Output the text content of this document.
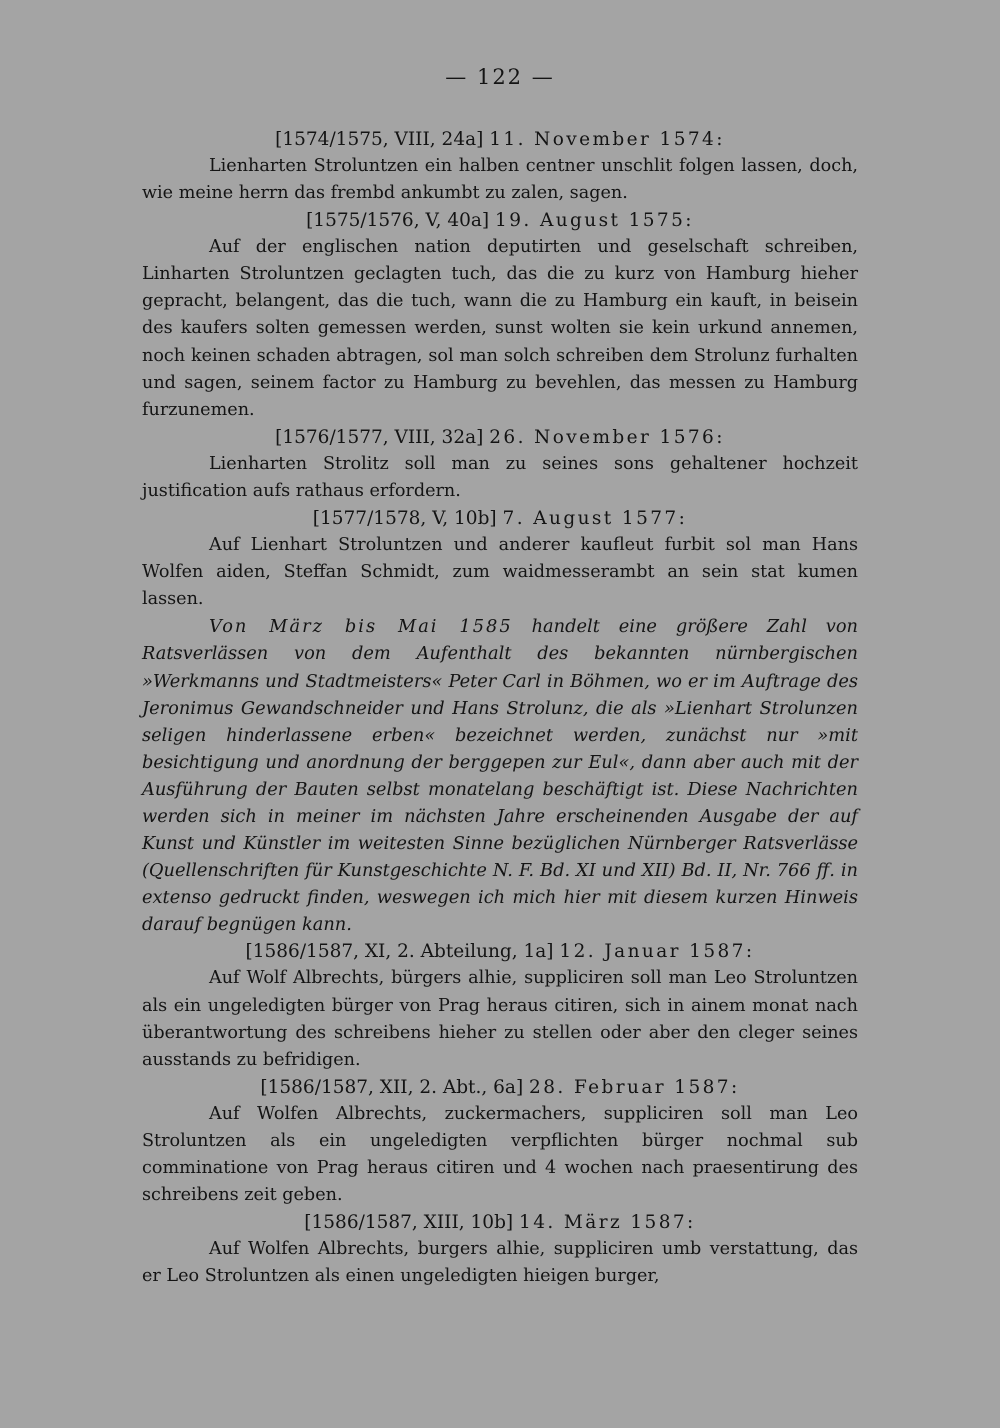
— 122 —

[1574/1575, VIII, 24a] 11. November 1574:

Lienharten Stroluntzen ein halben centner unschlit folgen lassen, doch, wie meine herrn das frembd ankumbt zu zalen, sagen.

[1575/1576, V, 40a] 19. August 1575:

Auf der englischen nation deputirten und geselschaft schreiben, Linharten Stroluntzen geclagten tuch, das die zu kurz von Hamburg hieher gepracht, belangent, das die tuch, wann die zu Hamburg ein kauft, in beisein des kaufers solten gemessen werden, sunst wolten sie kein urkund annemen, noch keinen schaden abtragen, sol man solch schreiben dem Strolunz furhalten und sagen, seinem factor zu Hamburg zu bevehlen, das messen zu Hamburg furzunemen.

[1576/1577, VIII, 32a] 26. November 1576:

Lienharten Strolitz soll man zu seines sons gehaltener hochzeit justification aufs rathaus erfordern.

[1577/1578, V, 10b] 7. August 1577:

Auf Lienhart Stroluntzen und anderer kaufleut furbit sol man Hans Wolfen aiden, Steffan Schmidt, zum waidmesserambt an sein stat kumen lassen.

Von März bis Mai 1585 handelt eine größere Zahl von Ratsverlässen von dem Aufenthalt des bekannten nürnbergischen »Werkmanns und Stadtmeisters« Peter Carl in Böhmen, wo er im Auftrage des Jeronimus Gewandschneider und Hans Strolunz, die als »Lienhart Strolunzen seligen hinderlassene erben« bezeichnet werden, zunächst nur »mit besichtigung und anordnung der berggepen zur Eul«, dann aber auch mit der Ausführung der Bauten selbst monatelang beschäftigt ist. Diese Nachrichten werden sich in meiner im nächsten Jahre erscheinenden Ausgabe der auf Kunst und Künstler im weitesten Sinne bezüglichen Nürnberger Ratsverlässe (Quellenschriften für Kunstgeschichte N. F. Bd. XI und XII) Bd. II, Nr. 766 ff. in extenso gedruckt finden, weswegen ich mich hier mit diesem kurzen Hinweis darauf begnügen kann.

[1586/1587, XI, 2. Abteilung, 1a] 12. Januar 1587:

Auf Wolf Albrechts, bürgers alhie, suppliciren soll man Leo Stroluntzen als ein ungeledigten bürger von Prag heraus citiren, sich in ainem monat nach überantwortung des schreibens hieher zu stellen oder aber den cleger seines ausstands zu befridigen.

[1586/1587, XII, 2. Abt., 6a] 28. Februar 1587:

Auf Wolfen Albrechts, zuckermachers, suppliciren soll man Leo Stroluntzen als ein ungeledigten verpflichten bürger nochmal sub comminatione von Prag heraus citiren und 4 wochen nach praesentirung des schreibens zeit geben.

[1586/1587, XIII, 10b] 14. März 1587:

Auf Wolfen Albrechts, burgers alhie, suppliciren umb verstattung, das er Leo Stroluntzen als einen ungeledigten hieigen burger,
